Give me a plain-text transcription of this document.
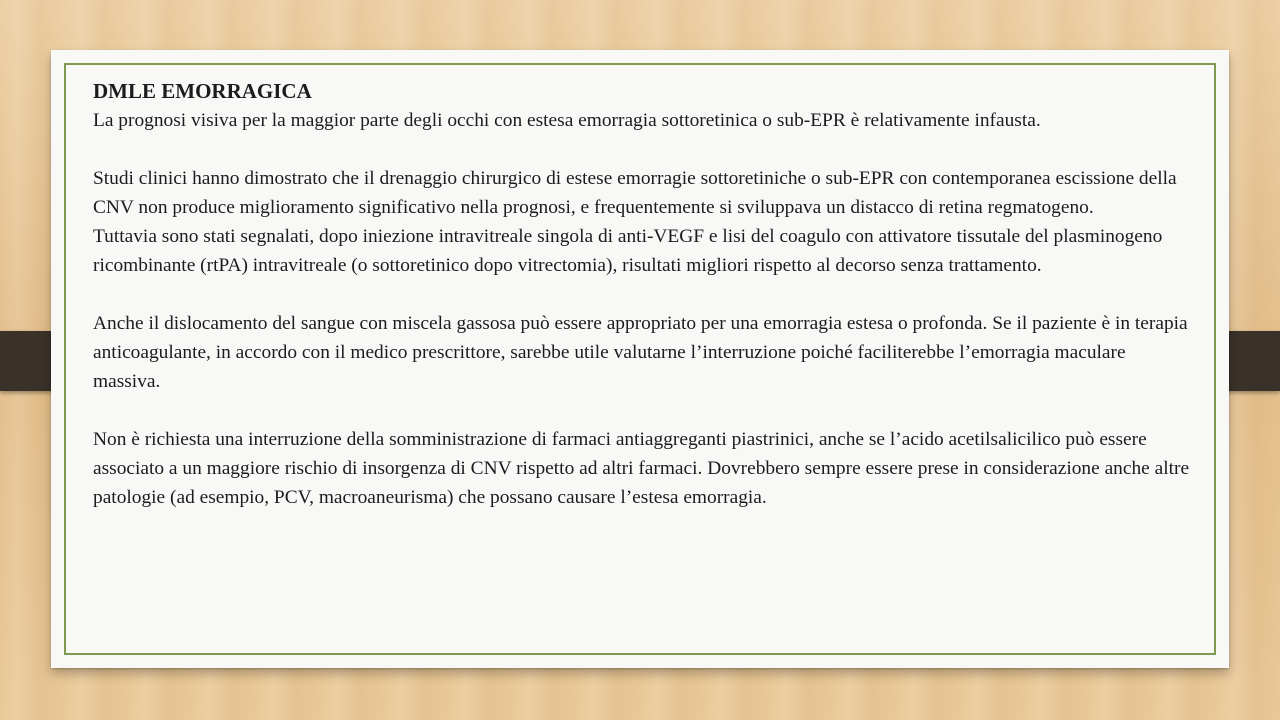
DMLE EMORRAGICA

La prognosi visiva per la maggior parte degli occhi con estesa emorragia sottoretinica o sub-EPR è relativamente infausta.

Studi clinici hanno dimostrato che il drenaggio chirurgico di estese emorragie sottoretiniche o sub-EPR con contemporanea escissione della CNV non produce miglioramento significativo nella prognosi, e frequentemente si sviluppava un distacco di retina regmatogeno.

Tuttavia sono stati segnalati, dopo iniezione intravitreale singola di anti-VEGF e lisi del coagulo con attivatore tissutale del plasminogeno ricombinante (rtPA) intravitreale (o sottoretinico dopo vitrectomia), risultati migliori rispetto al decorso senza trattamento.

Anche il dislocamento del sangue con miscela gassosa può essere appropriato per una emorragia estesa o profonda. Se il paziente è in terapia anticoagulante, in accordo con il medico prescrittore, sarebbe utile valutarne l’interruzione poiché faciliterebbe l’emorragia maculare massiva.

Non è richiesta una interruzione della somministrazione di farmaci antiaggreganti piastrinici, anche se l’acido acetilsalicilico può essere associato a un maggiore rischio di insorgenza di CNV rispetto ad altri farmaci. Dovrebbero sempre essere prese in considerazione anche altre patologie (ad esempio, PCV, macroaneurisma) che possano causare l’estesa emorragia.
